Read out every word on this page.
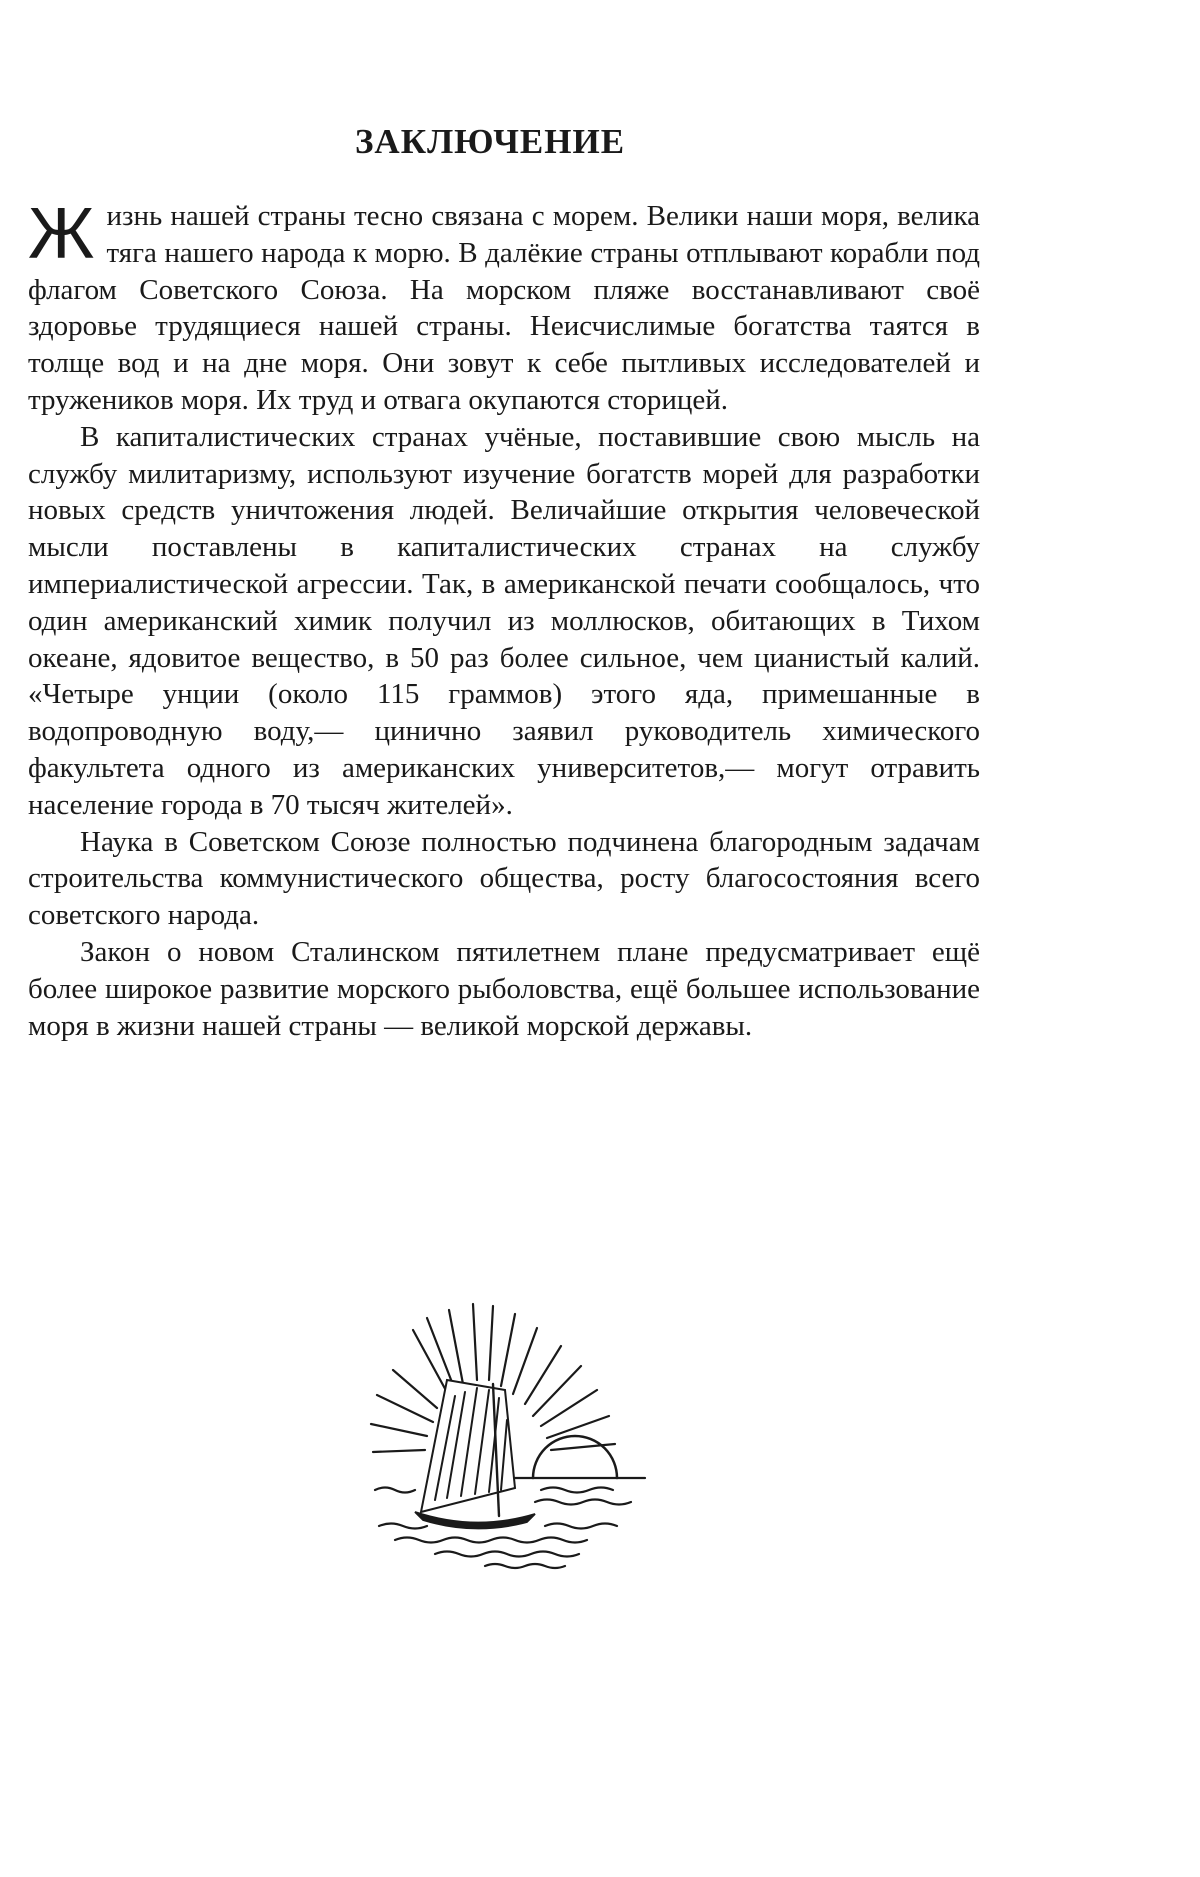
ЗАКЛЮЧЕНИЕ

Жизнь нашей страны тесно связана с морем. Велики наши моря, велика тяга нашего народа к морю. В далёкие страны отплывают корабли под флагом Советского Союза. На морском пляже восстанавливают своё здоровье трудящиеся нашей страны. Неисчислимые богатства таятся в толще вод и на дне моря. Они зовут к себе пытливых исследователей и тружеников моря. Их труд и отвага окупаются сторицей.

В капиталистических странах учёные, поставившие свою мысль на службу милитаризму, используют изучение богатств морей для разработки новых средств уничтожения людей. Величайшие открытия человеческой мысли поставлены в капиталистических странах на службу империалистической агрессии. Так, в американской печати сообщалось, что один американский химик получил из моллюсков, обитающих в Тихом океане, ядовитое вещество, в 50 раз более сильное, чем цианистый калий. «Четыре унции (около 115 граммов) этого яда, примешанные в водопроводную воду,— цинично заявил руководитель химического факультета одного из американских университетов,— могут отравить население города в 70 тысяч жителей».

Наука в Советском Союзе полностью подчинена благородным задачам строительства коммунистического общества, росту благосостояния всего советского народа.

Закон о новом Сталинском пятилетнем плане предусматривает ещё более широкое развитие морского рыболовства, ещё большее использование моря в жизни нашей страны — великой морской державы.
